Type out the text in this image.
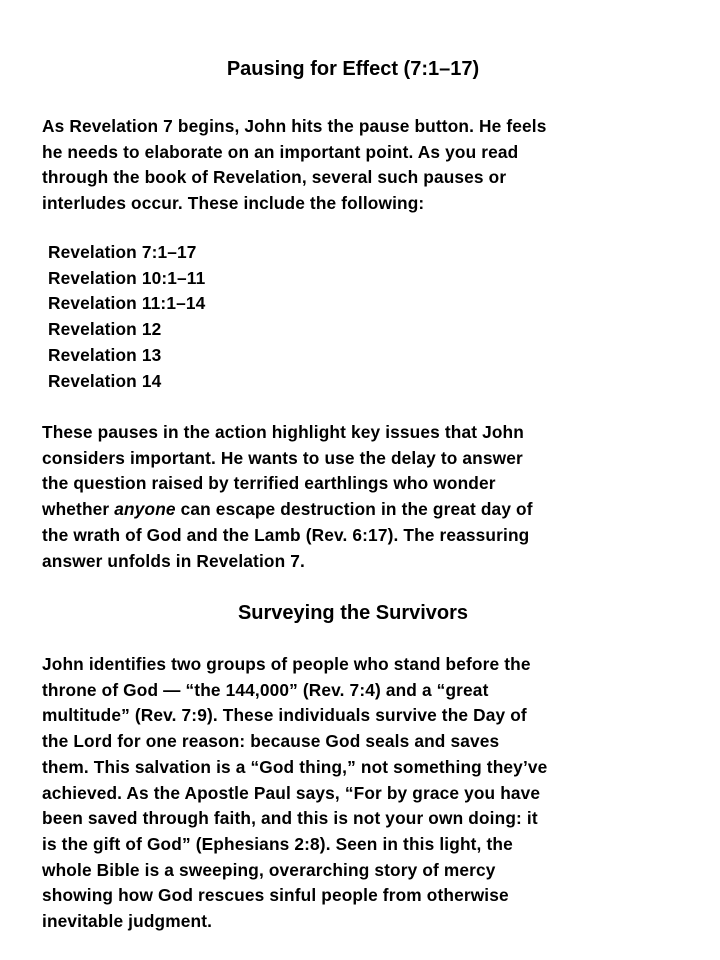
Pausing for Effect (7:1–17)

As Revelation 7 begins, John hits the pause button. He feels
he needs to elaborate on an important point. As you read
through the book of Revelation, several such pauses or
interludes occur. These include the following:

Revelation 7:1–17
Revelation 10:1–11
Revelation 11:1–14
Revelation 12
Revelation 13
Revelation 14

These pauses in the action highlight key issues that John
considers important. He wants to use the delay to answer
the question raised by terrified earthlings who wonder
whether anyone can escape destruction in the great day of
the wrath of God and the Lamb (Rev. 6:17). The reassuring
answer unfolds in Revelation 7.

Surveying the Survivors

John identifies two groups of people who stand before the
throne of God — “the 144,000” (Rev. 7:4) and a “great
multitude” (Rev. 7:9). These individuals survive the Day of
the Lord for one reason: because God seals and saves
them. This salvation is a “God thing,” not something they’ve
achieved. As the Apostle Paul says, “For by grace you have
been saved through faith, and this is not your own doing: it
is the gift of God” (Ephesians 2:8). Seen in this light, the
whole Bible is a sweeping, overarching story of mercy
showing how God rescues sinful people from otherwise
inevitable judgment.
